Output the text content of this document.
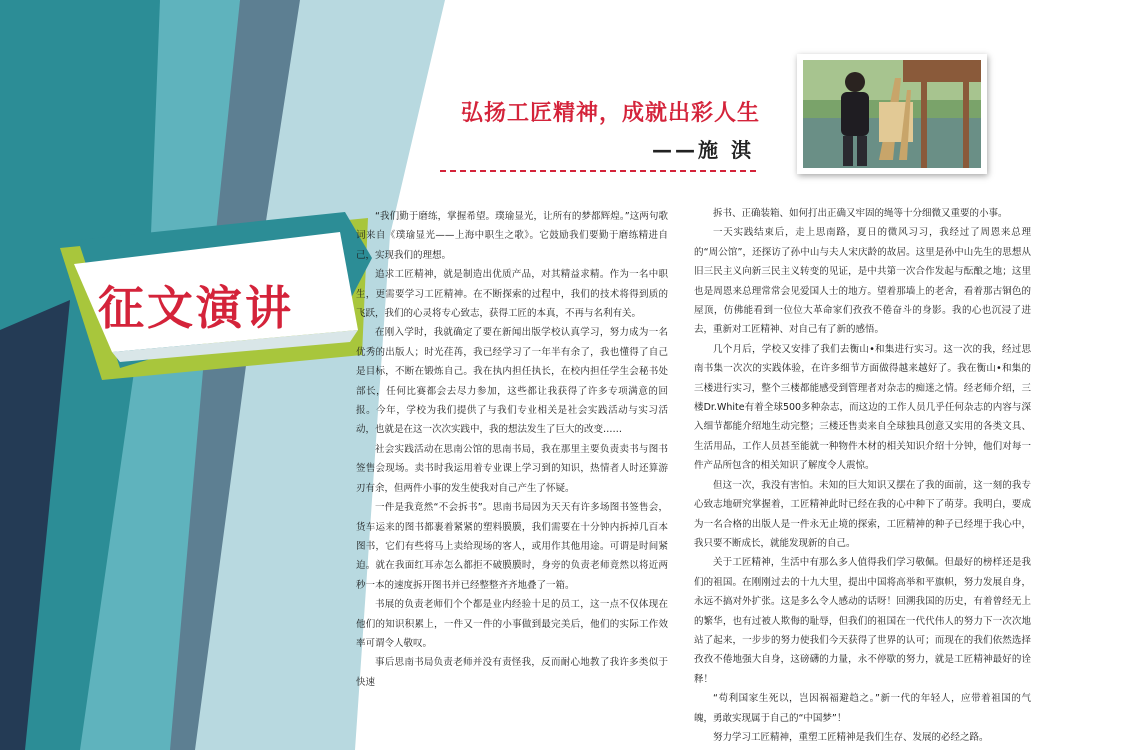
弘扬工匠精神，成就出彩人生
——施 淇
征文演讲

“我们勤于磨练，掌握希望。璞瑜显光，让所有的梦都辉煌。”这两句歌词来自《璞瑜显光——上海中职生之歌》。它鼓励我们要勤于磨练精进自己，实现我们的理想。

追求工匠精神，就是制造出优质产品，对其精益求精。作为一名中职生，更需要学习工匠精神。在不断探索的过程中，我们的技术将得到质的飞跃，我们的心灵将专心致志，获得工匠的本真，不再与名利有关。

在刚入学时，我就确定了要在新闻出版学校认真学习，努力成为一名优秀的出版人；时光荏苒，我已经学习了一年半有余了，我也懂得了自己是目标，不断在锻炼自己。我在执内担任执长，在校内担任学生会秘书处部长，任何比赛都会去尽力参加，这些都让我获得了许多专项满意的回报。今年，学校为我们提供了与我们专业相关是社会实践活动与实习活动，也就是在这一次次实践中，我的想法发生了巨大的改变……

社会实践活动在思南公馆的思南书局，我在那里主要负责卖书与图书签售会现场。卖书时我运用着专业课上学习到的知识，热情者人时还算游刃有余，但两件小事的发生使我对自己产生了怀疑。

一件是我竟然“不会拆书”。思南书局因为天天有许多场图书签售会，货车运来的图书都裹着紧紧的塑料膜膜，我们需要在十分钟内拆掉几百本图书，它们有些将马上卖给现场的客人，或用作其他用途。可谓是时间紧迫。就在我面红耳赤怎么都拒不破膜膜时，身旁的负责老师竟然以将近两秒一本的速度拆开图书并已经整整齐齐地叠了一箱。

书展的负责老师们个个都是业内经验十足的员工，这一点不仅体现在他们的知识积累上，一件又一件的小事做到最完美后，他们的实际工作效率可谓令人敬叹。

事后思南书局负责老师并没有责怪我，反而耐心地教了我许多类似于快速

拆书、正确装箱、如何打出正确又牢固的绳等十分细微又重要的小事。

一天实践结束后，走上思南路，夏日的微风习习，我经过了周恩来总理的“周公馆”，还探访了孙中山与夫人宋庆龄的故居。这里是孙中山先生的思想从旧三民主义向新三民主义转变的见证，是中共第一次合作发起与酝酿之地；这里也是周恩来总理常常会见爱国人士的地方。望着那墙上的老舍，看着那古铜色的屋顶，仿佛能看到一位位大革命家们孜孜不倦奋斗的身影。我的心也沉浸了进去，重新对工匠精神、对自己有了新的感悟。

几个月后，学校又安排了我们去衡山•和集进行实习。这一次的我，经过思南书集一次次的实践体验，在许多细节方面做得越来越好了。我在衡山•和集的三楼进行实习，整个三楼都能感受到管理者对杂志的痴迷之情。经老师介绍，三楼Dr.White有着全球500多种杂志，而这边的工作人员几乎任何杂志的内容与深入细节都能介绍地生动完整；三楼还售卖来自全球独具创意又实用的各类文具、生活用品，工作人员甚至能就一种物件木材的相关知识介绍十分钟，他们对每一件产品所包含的相关知识了解度令人震惊。

但这一次，我没有害怕。未知的巨大知识又摆在了我的面前，这一刻的我专心致志地研究掌握着，工匠精神此时已经在我的心中种下了萌芽。我明白，要成为一名合格的出版人是一件永无止境的探索，工匠精神的种子已经埋于我心中，我只要不断成长，就能发现新的自己。

关于工匠精神，生活中有那么多人值得我们学习敬佩。但最好的榜样还是我们的祖国。在刚刚过去的十九大里，提出中国将高举和平旗帜，努力发展自身，永远不搞对外扩张。这是多么令人感动的话呀！回溯我国的历史，有着曾经无上的繁华，也有过被人欺侮的耻辱，但我们的祖国在一代代伟人的努力下一次次地站了起来，一步步的努力使我们今天获得了世界的认可；而现在的我们依然选择孜孜不倦地强大自身，这磅礴的力量，永不停歇的努力，就是工匠精神最好的诠释！

“苟利国家生死以，岂因祸福避趋之。”新一代的年轻人，应带着祖国的气魄，勇敢实现属于自己的“中国梦”！

努力学习工匠精神，重塑工匠精神是我们生存、发展的必经之路。
